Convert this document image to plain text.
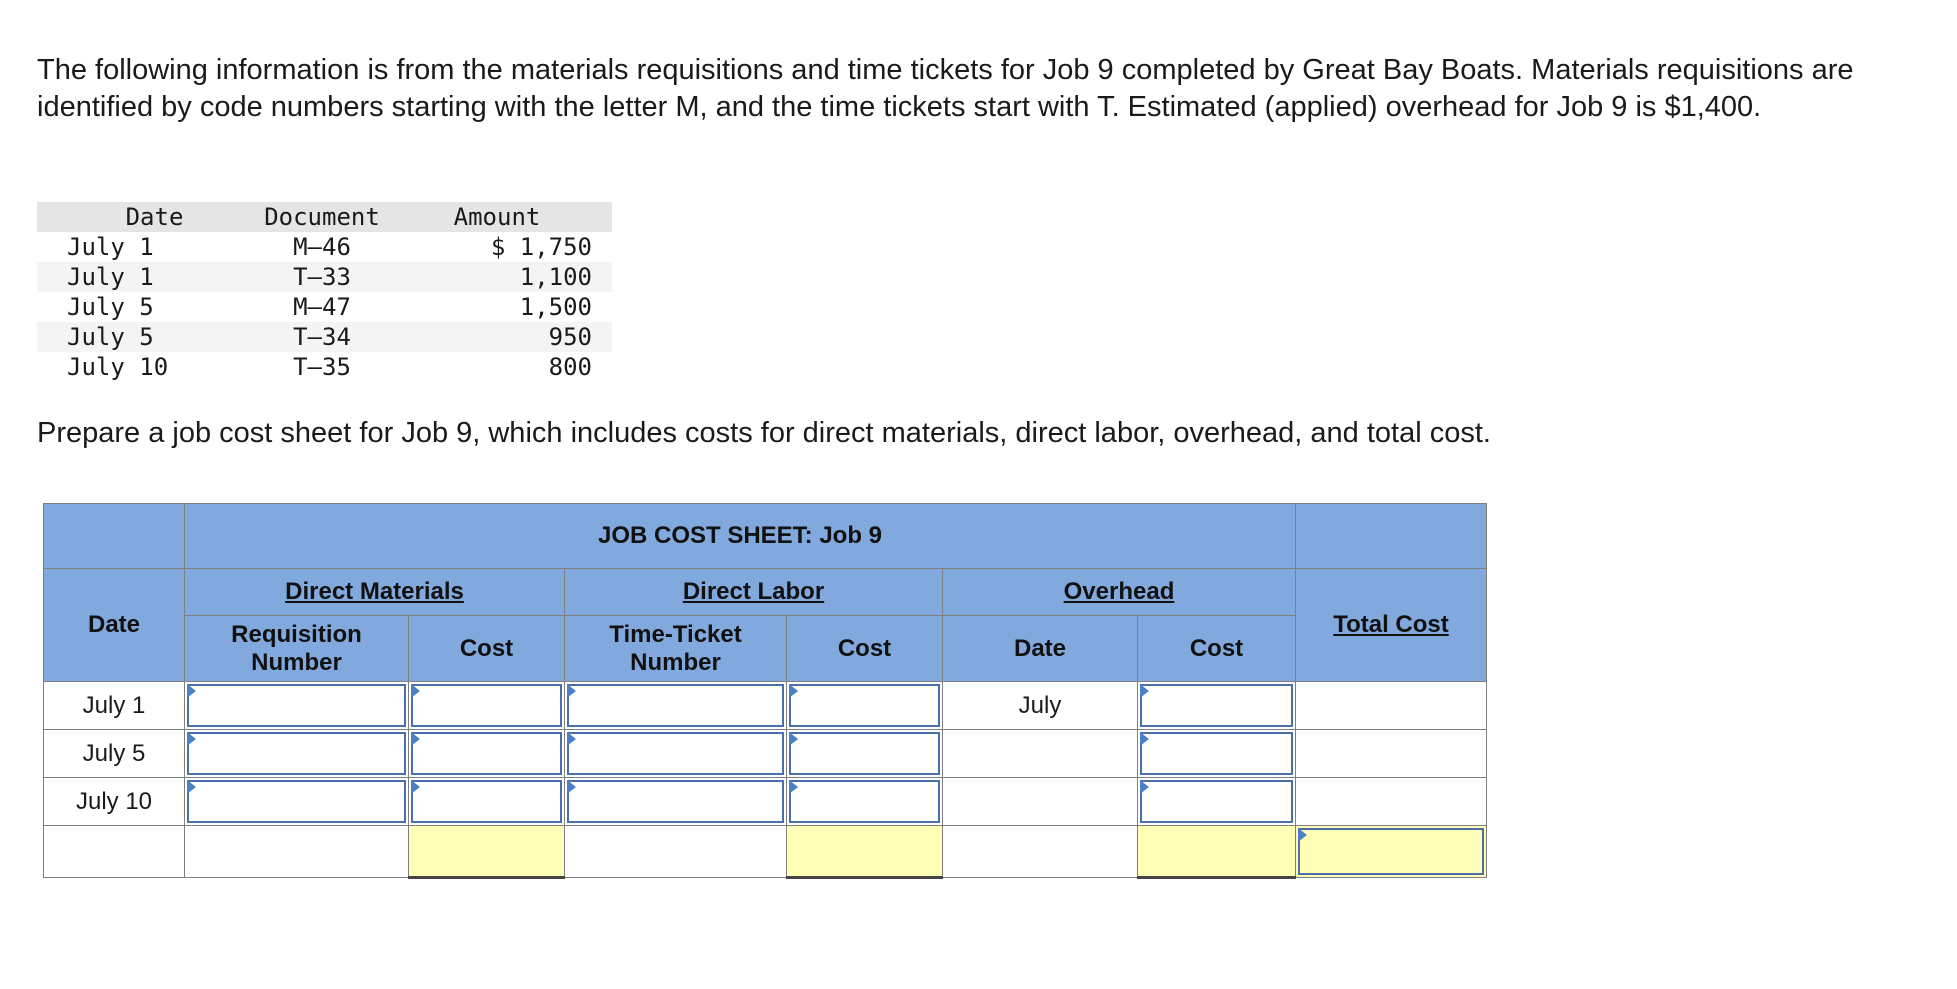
The following information is from the materials requisitions and time tickets for Job 9 completed by Great Bay Boats. Materials requisitions are identified by code numbers starting with the letter M, and the time tickets start with T. Estimated (applied) overhead for Job 9 is $1,400.

Date	Document	Amount
July 1	M–46	$ 1,750
July 1	T–33	1,100
July 5	M–47	1,500
July 5	T–34	950
July 10	T–35	800

Prepare a job cost sheet for Job 9, which includes costs for direct materials, direct labor, overhead, and total cost.

	JOB COST SHEET: Job 9						
Date	Direct Materials		Direct Labor		Overhead		Total Cost
	Requisition Number	Cost	Time-Ticket Number	Cost	Date	Cost	
July 1					July	

July 5	

July 10	
